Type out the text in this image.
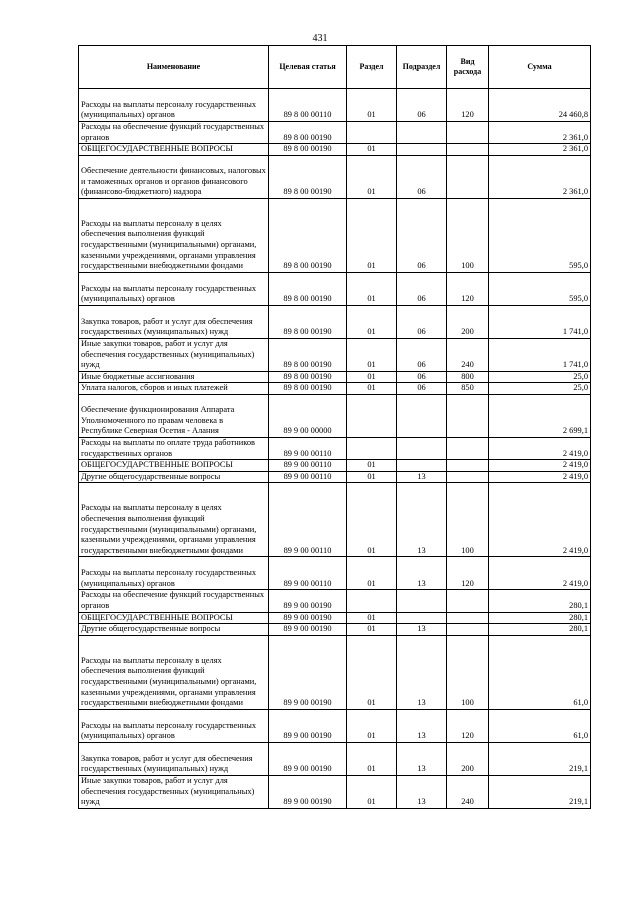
431
Наименование	Целевая статья	Раздел	Подраздел	Вид расхода	Сумма
Расходы на выплаты персоналу государственных (муниципальных) органов	89 8 00 00110	01	06	120	24 460,8
Расходы на обеспечение функций государственных органов	89 8 00 00190				2 361,0
ОБЩЕГОСУДАРСТВЕННЫЕ ВОПРОСЫ	89 8 00 00190	01			2 361,0
Обеспечение деятельности финансовых, налоговых и таможенных органов и органов финансового (финансово-бюджетного) надзора	89 8 00 00190	01	06		2 361,0
Расходы на выплаты персоналу в целях обеспечения выполнения функций государственными (муниципальными) органами, казенными учреждениями, органами управления государственными внебюджетными фондами	89 8 00 00190	01	06	100	595,0
Расходы на выплаты персоналу государственных (муниципальных) органов	89 8 00 00190	01	06	120	595,0
Закупка товаров, работ и услуг для обеспечения государственных (муниципальных) нужд	89 8 00 00190	01	06	200	1 741,0
Иные закупки товаров, работ и услуг для обеспечения государственных (муниципальных) нужд	89 8 00 00190	01	06	240	1 741,0
Иные бюджетные ассигнования	89 8 00 00190	01	06	800	25,0
Уплата налогов, сборов и иных платежей	89 8 00 00190	01	06	850	25,0
Обеспечение функционирования Аппарата Уполномоченного по правам человека в Республике Северная Осетия - Алания	89 9 00 00000				2 699,1
Расходы на выплаты по оплате труда работников государственных органов	89 9 00 00110				2 419,0
ОБЩЕГОСУДАРСТВЕННЫЕ ВОПРОСЫ	89 9 00 00110	01			2 419,0
Другие общегосударственные вопросы	89 9 00 00110	01	13		2 419,0
Расходы на выплаты персоналу в целях обеспечения выполнения функций государственными (муниципальными) органами, казенными учреждениями, органами управления государственными внебюджетными фондами	89 9 00 00110	01	13	100	2 419,0
Расходы на выплаты персоналу государственных (муниципальных) органов	89 9 00 00110	01	13	120	2 419,0
Расходы на обеспечение функций государственных органов	89 9 00 00190				280,1
ОБЩЕГОСУДАРСТВЕННЫЕ ВОПРОСЫ	89 9 00 00190	01			280,1
Другие общегосударственные вопросы	89 9 00 00190	01	13		280,1
Расходы на выплаты персоналу в целях обеспечения выполнения функций государственными (муниципальными) органами, казенными учреждениями, органами управления государственными внебюджетными фондами	89 9 00 00190	01	13	100	61,0
Расходы на выплаты персоналу государственных (муниципальных) органов	89 9 00 00190	01	13	120	61,0
Закупка товаров, работ и услуг для обеспечения государственных (муниципальных) нужд	89 9 00 00190	01	13	200	219,1
Иные закупки товаров, работ и услуг для обеспечения государственных (муниципальных) нужд	89 9 00 00190	01	13	240	219,1
